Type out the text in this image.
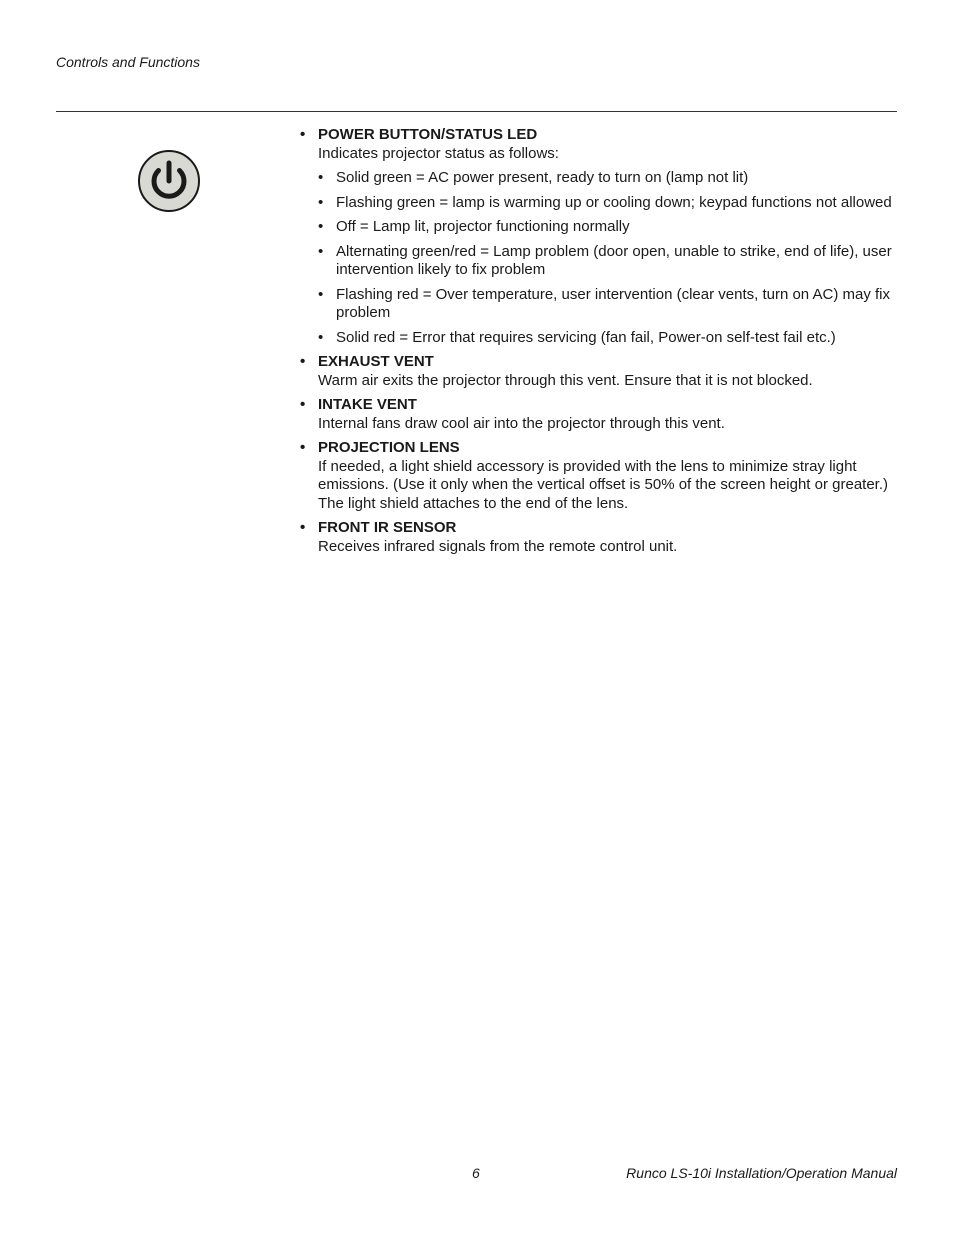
Controls and Functions
• POWER BUTTON/STATUS LED
Indicates projector status as follows:
• Solid green = AC power present, ready to turn on (lamp not lit)
• Flashing green = lamp is warming up or cooling down; keypad functions not allowed
• Off = Lamp lit, projector functioning normally
• Alternating green/red = Lamp problem (door open, unable to strike, end of life), user intervention likely to fix problem
• Flashing red = Over temperature, user intervention (clear vents, turn on AC) may fix problem
• Solid red = Error that requires servicing (fan fail, Power-on self-test fail etc.)
• EXHAUST VENT
Warm air exits the projector through this vent. Ensure that it is not blocked.
• INTAKE VENT
Internal fans draw cool air into the projector through this vent.
• PROJECTION LENS
If needed, a light shield accessory is provided with the lens to minimize stray light emissions. (Use it only when the vertical offset is 50% of the screen height or greater.) The light shield attaches to the end of the lens.
• FRONT IR SENSOR
Receives infrared signals from the remote control unit.
6	Runco LS-10i Installation/Operation Manual
